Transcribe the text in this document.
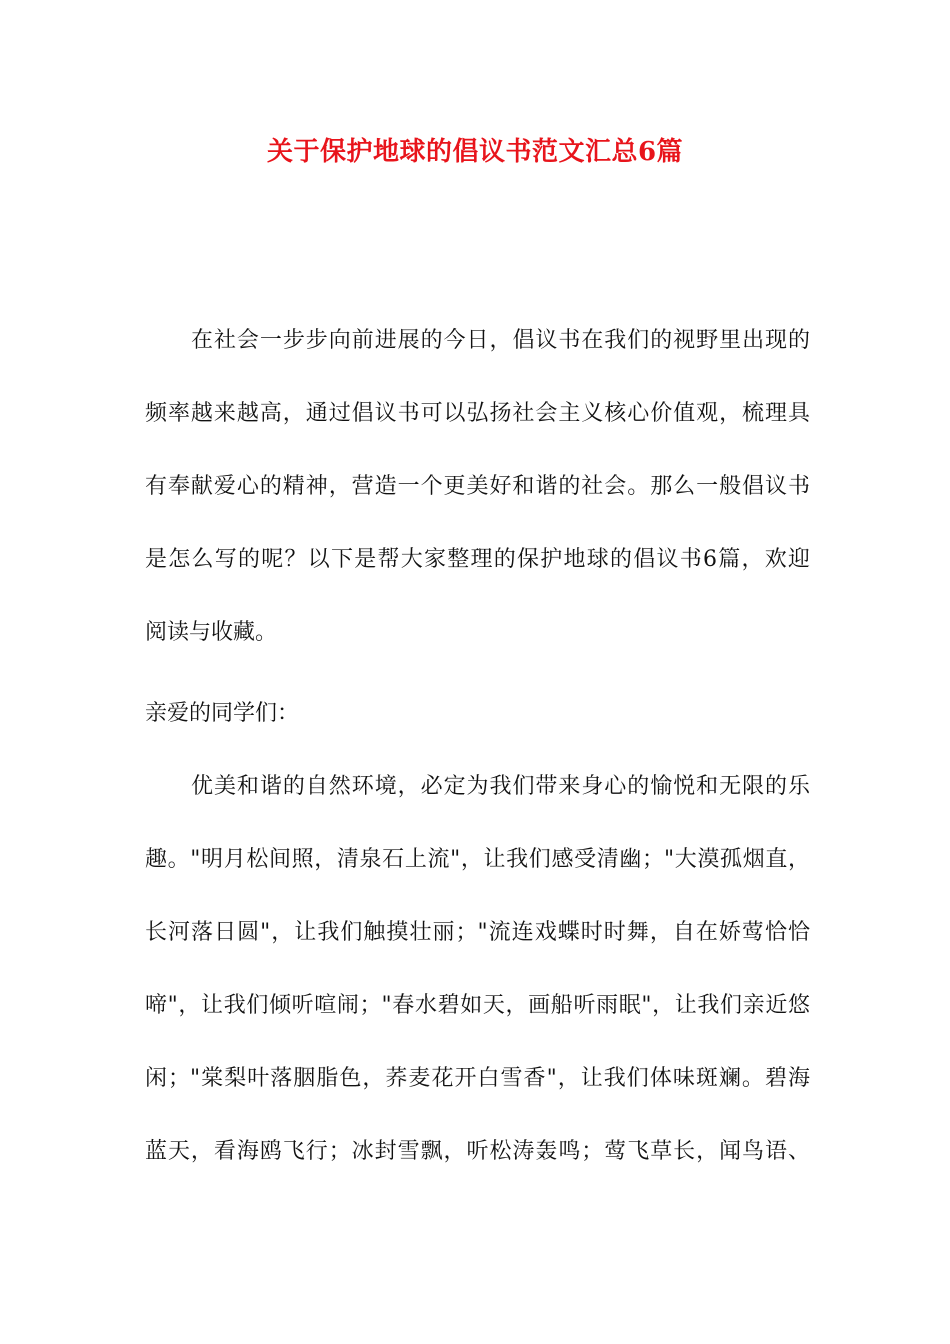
关于保护地球的倡议书范文汇总6篇
在社会一步步向前进展的今日，倡议书在我们的视野里出现的
频率越来越高，通过倡议书可以弘扬社会主义核心价值观，梳理具
有奉献爱心的精神，营造一个更美好和谐的社会。那么一般倡议书
是怎么写的呢？以下是帮大家整理的保护地球的倡议书6篇，欢迎
阅读与收藏。
亲爱的同学们：
优美和谐的自然环境，必定为我们带来身心的愉悦和无限的乐
趣。"明月松间照，清泉石上流"，让我们感受清幽；"大漠孤烟直，
长河落日圆"，让我们触摸壮丽；"流连戏蝶时时舞，自在娇莺恰恰
啼"，让我们倾听喧闹；"春水碧如天，画船听雨眠"，让我们亲近悠
闲；"棠梨叶落胭脂色，荞麦花开白雪香"，让我们体味斑斓。碧海
蓝天，看海鸥飞行；冰封雪飘，听松涛轰鸣；莺飞草长，闻鸟语、
